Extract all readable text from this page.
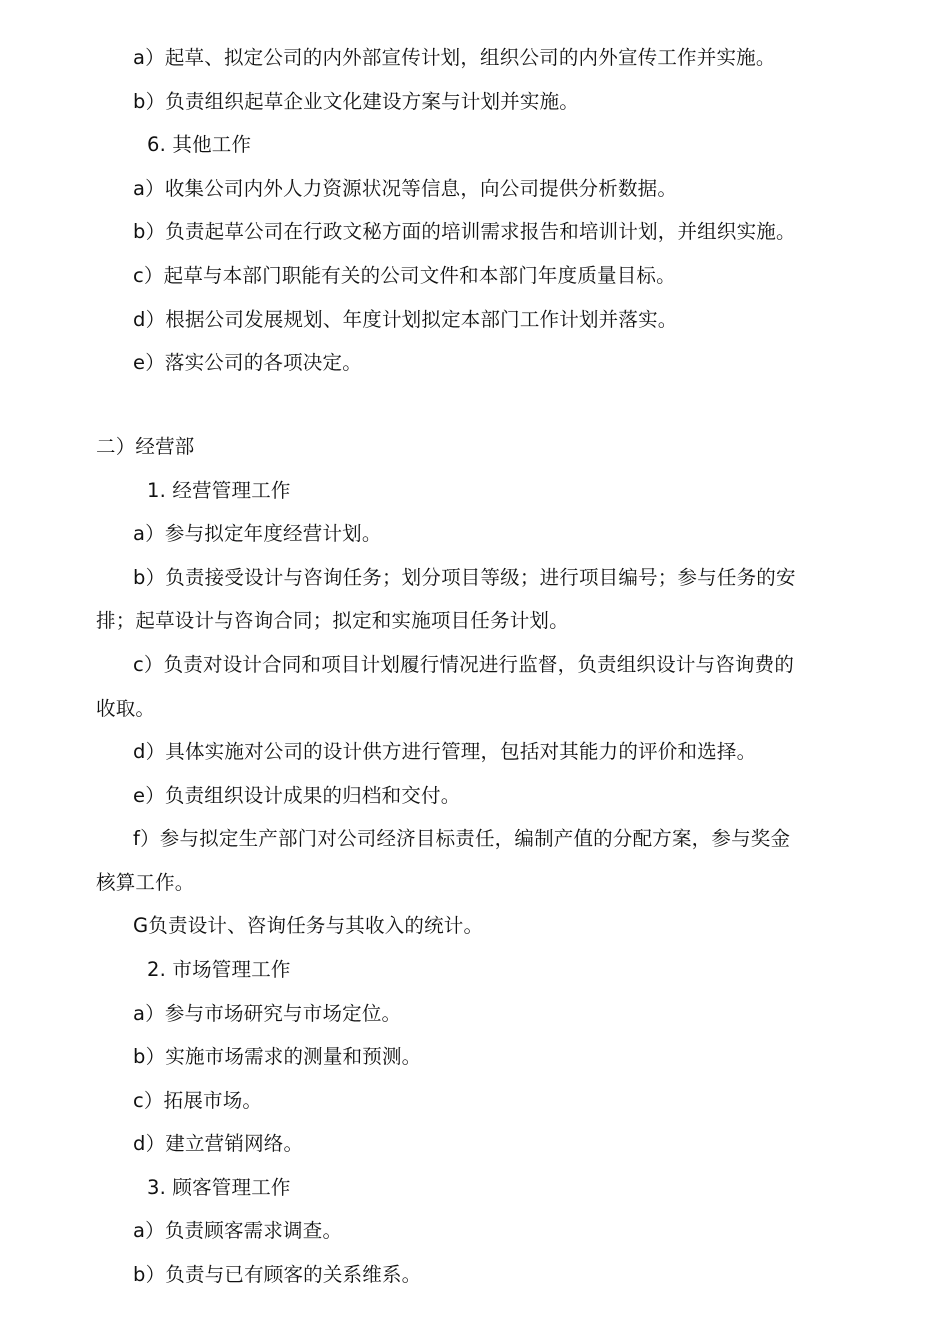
a）起草、拟定公司的内外部宣传计划，组织公司的内外宣传工作并实施。
b）负责组织起草企业文化建设方案与计划并实施。
6. 其他工作
a）收集公司内外人力资源状况等信息，向公司提供分析数据。
b）负责起草公司在行政文秘方面的培训需求报告和培训计划，并组织实施。
c）起草与本部门职能有关的公司文件和本部门年度质量目标。
d）根据公司发展规划、年度计划拟定本部门工作计划并落实。
e）落实公司的各项决定。
二）经营部
1. 经营管理工作
a）参与拟定年度经营计划。
b）负责接受设计与咨询任务；划分项目等级；进行项目编号；参与任务的安
排；起草设计与咨询合同；拟定和实施项目任务计划。
c）负责对设计合同和项目计划履行情况进行监督，负责组织设计与咨询费的
收取。
d）具体实施对公司的设计供方进行管理，包括对其能力的评价和选择。
e）负责组织设计成果的归档和交付。
f）参与拟定生产部门对公司经济目标责任，编制产值的分配方案，参与奖金
核算工作。
G负责设计、咨询任务与其收入的统计。
2. 市场管理工作
a）参与市场研究与市场定位。
b）实施市场需求的测量和预测。
c）拓展市场。
d）建立营销网络。
3. 顾客管理工作
a）负责顾客需求调查。
b）负责与已有顾客的关系维系。
